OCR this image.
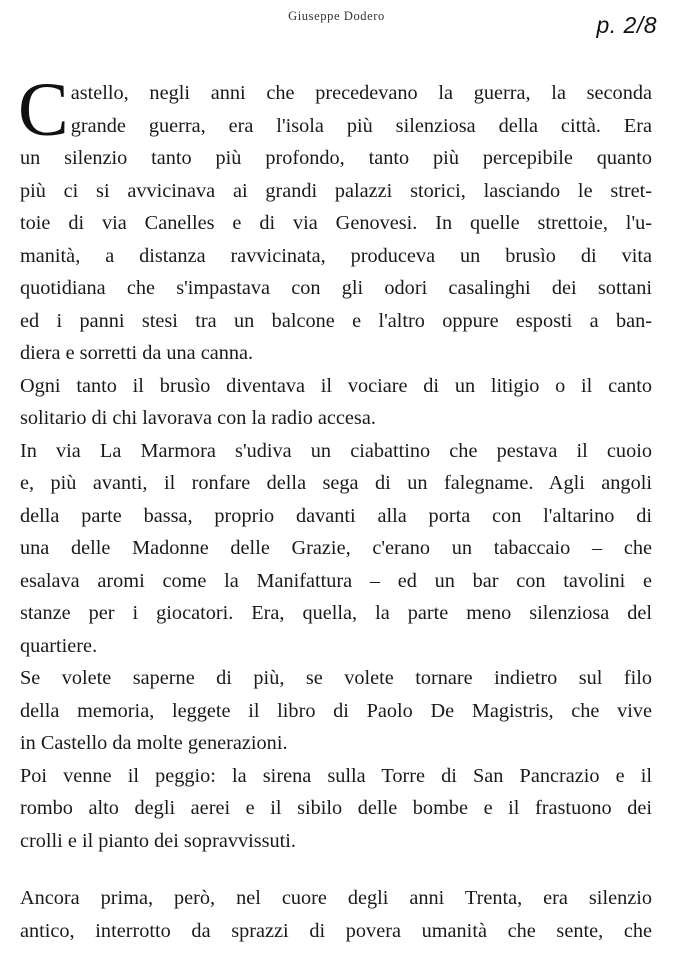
Giuseppe Dodero	p. 2/8
C astello, negli anni che precedevano la guerra, la seconda
grande guerra, era l'isola più silenziosa della città. Era
un silenzio tanto più profondo, tanto più percepibile quanto
più ci si avvicinava ai grandi palazzi storici, lasciando le stret-
toie di via Canelles e di via Genovesi. In quelle strettoie, l'u-
manità, a distanza ravvicinata, produceva un brusìo di vita
quotidiana che s'impastava con gli odori casalinghi dei sottani
ed i panni stesi tra un balcone e l'altro oppure esposti a ban-
diera e sorretti da una canna.
Ogni tanto il brusìo diventava il vociare di un litigio o il canto
solitario di chi lavorava con la radio accesa.
In via La Marmora s'udiva un ciabattino che pestava il cuoio
e, più avanti, il ronfare della sega di un falegname. Agli angoli
della parte bassa, proprio davanti alla porta con l'altarino di
una delle Madonne delle Grazie, c'erano un tabaccaio – che
esalava aromi come la Manifattura – ed un bar con tavolini e
stanze per i giocatori. Era, quella, la parte meno silenziosa del
quartiere.
Se volete saperne di più, se volete tornare indietro sul filo
della memoria, leggete il libro di Paolo De Magistris, che vive
in Castello da molte generazioni.
Poi venne il peggio: la sirena sulla Torre di San Pancrazio e il
rombo alto degli aerei e il sibilo delle bombe e il frastuono dei
crolli e il pianto dei sopravvissuti.
Ancora prima, però, nel cuore degli anni Trenta, era silenzio
antico, interrotto da sprazzi di povera umanità che sente, che
